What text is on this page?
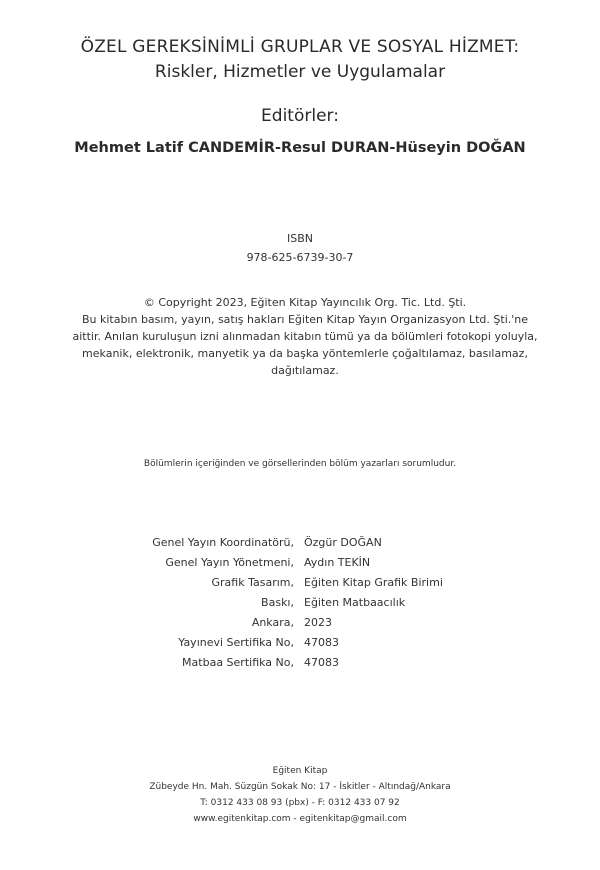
ÖZEL GEREKSİNİMLİ GRUPLAR VE SOSYAL HİZMET:
Riskler, Hizmetler ve Uygulamalar
Editörler:
Mehmet Latif CANDEMİR-Resul DURAN-Hüseyin DOĞAN
ISBN
978-625-6739-30-7
© Copyright 2023, Eğiten Kitap Yayıncılık Org. Tic. Ltd. Şti.
Bu kitabın basım, yayın, satış hakları Eğiten Kitap Yayın Organizasyon Ltd. Şti.'ne aittir. Anılan kuruluşun izni alınmadan kitabın tümü ya da bölümleri fotokopi yoluyla, mekanik, elektronik, manyetik ya da başka yöntemlerle çoğaltılamaz, basılamaz, dağıtılamaz.
Bölümlerin içeriğinden ve görsellerinden bölüm yazarları sorumludur.
Genel Yayın Koordinatörü, Özgür DOĞAN
Genel Yayın Yönetmeni, Aydın TEKİN
Grafik Tasarım, Eğiten Kitap Grafik Birimi
Baskı, Eğiten Matbaacılık
Ankara, 2023
Yayınevi Sertifika No, 47083
Matbaa Sertifika No, 47083
Eğiten Kitap
Zübeyde Hn. Mah. Süzgün Sokak No: 17 - İskitler - Altındağ/Ankara
T: 0312 433 08 93 (pbx) - F: 0312 433 07 92
www.egitenkitap.com - egitenkitap@gmail.com
